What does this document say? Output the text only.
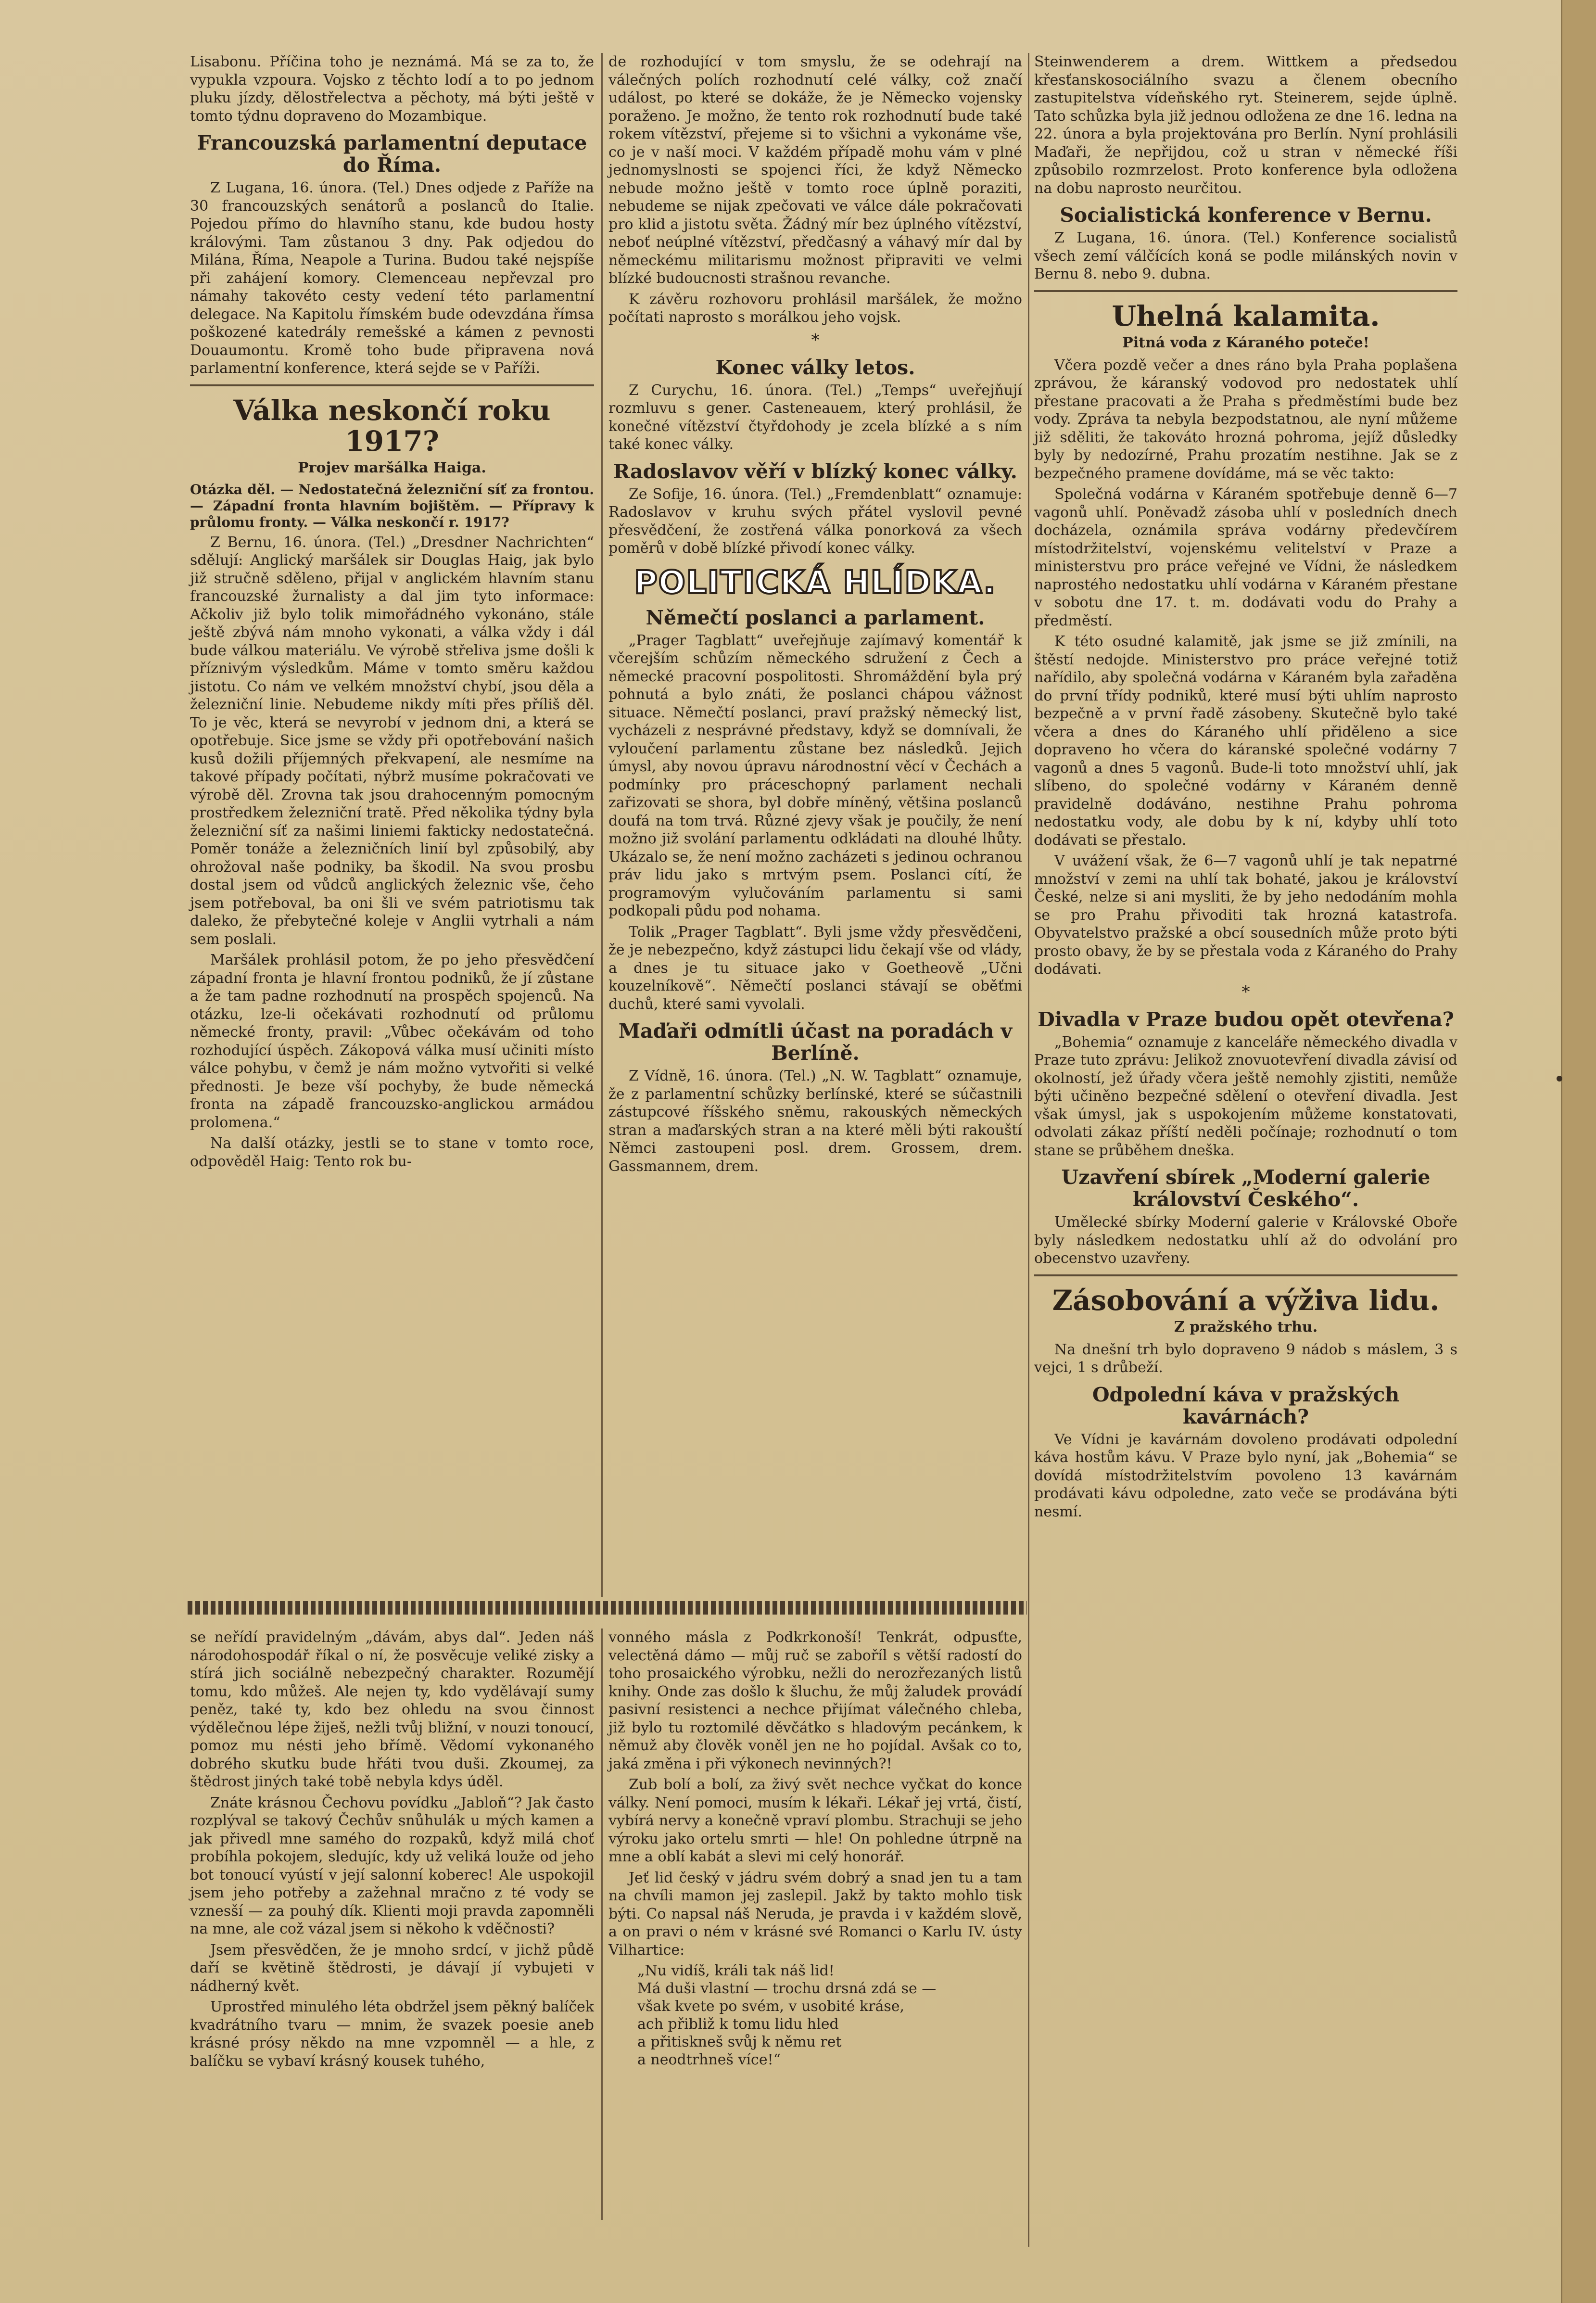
Lisabonu. Příčina toho je neznámá. Má se za to, že vypukla vzpoura. Vojsko z těchto lodí a to po jednom pluku jízdy, dělostřelectva a pěchoty, má býti ještě v tomto týdnu dopraveno do Mozambique.

Francouzská parlamentní deputace do Říma.

Z Lugana, 16. února. (Tel.) Dnes odjede z Paříže na 30 francouzských senátorů a poslanců do Italie. Pojedou přímo do hlavního stanu, kde budou hosty královými. Tam zůstanou 3 dny. Pak odjedou do Milána, Říma, Neapole a Turina. Budou také nejspíše při zahájení komory. Clemenceau nepřevzal pro námahy takovéto cesty vedení této parlamentní delegace. Na Kapitolu římském bude odevzdána římsa poškozené katedrály remešské a kámen z pevnosti Douaumontu. Kromě toho bude připravena nová parlamentní konference, která sejde se v Paříži.

Válka neskončí roku 1917?
Projev maršálka Haiga.

Otázka děl. — Nedostatečná železniční síť za frontou. — Západní fronta hlavním bojištěm. — Přípravy k průlomu fronty. — Válka neskončí r. 1917?

Z Bernu, 16. února. (Tel.) „Dresdner Nachrichten“ sdělují: Anglický maršálek sir Douglas Haig, jak bylo již stručně sděleno, přijal v anglickém hlavním stanu francouzské žurnalisty a dal jim tyto informace: Ačkoliv již bylo tolik mimořádného vykonáno, stále ještě zbývá nám mnoho vykonati, a válka vždy i dál bude válkou materiálu. Ve výrobě střeliva jsme došli k příznivým výsledkům. Máme v tomto směru každou jistotu. Co nám ve velkém množství chybí, jsou děla a železniční linie. Nebudeme nikdy míti přes příliš děl. To je věc, která se nevyrobí v jednom dni, a která se opotřebuje. Sice jsme se vždy při opotřebování našich kusů dožili příjemných překvapení, ale nesmíme na takové případy počítati, nýbrž musíme pokračovati ve výrobě děl. Zrovna tak jsou drahocenným pomocným prostředkem železniční tratě. Před několika týdny byla železniční síť za našimi liniemi fakticky nedostatečná. Poměr tonáže a železničních linií byl způsobilý, aby ohrožoval naše podniky, ba škodil. Na svou prosbu dostal jsem od vůdců anglických železnic vše, čeho jsem potřeboval, ba oni šli ve svém patriotismu tak daleko, že přebytečné koleje v Anglii vytrhali a nám sem poslali.

Maršálek prohlásil potom, že po jeho přesvědčení západní fronta je hlavní frontou podniků, že jí zůstane a že tam padne rozhodnutí na prospěch spojenců. Na otázku, lze-li očekávati rozhodnutí od průlomu německé fronty, pravil: „Vůbec očekávám od toho rozhodující úspěch. Zákopová válka musí učiniti místo válce pohybu, v čemž je nám možno vytvořiti si velké přednosti. Je beze vší pochyby, že bude německá fronta na západě francouzsko-anglickou armádou prolomena.“

Na další otázky, jestli se to stane v tomto roce, odpověděl Haig: Tento rok bu-

de rozhodující v tom smyslu, že se odehrají na válečných polích rozhodnutí celé války, což značí událost, po které se dokáže, že je Německo vojensky poraženo. Je možno, že tento rok rozhodnutí bude také rokem vítězství, přejeme si to všichni a vykonáme vše, co je v naší moci. V každém případě mohu vám v plné jednomyslnosti se spojenci říci, že když Německo nebude možno ještě v tomto roce úplně poraziti, nebudeme se nijak zpečovati ve válce dále pokračovati pro klid a jistotu světa. Žádný mír bez úplného vítězství, neboť neúplné vítězství, předčasný a váhavý mír dal by německému militarismu možnost připraviti ve velmi blízké budoucnosti strašnou revanche.

K závěru rozhovoru prohlásil maršálek, že možno počítati naprosto s morálkou jeho vojsk.

*
Konec války letos.

Z Curychu, 16. února. (Tel.) „Temps“ uveřejňují rozmluvu s gener. Casteneauem, který prohlásil, že konečné vítězství čtyřdohody je zcela blízké a s ním také konec války.

Radoslavov věří v blízký konec války.

Ze Sofije, 16. února. (Tel.) „Fremdenblatt“ oznamuje: Radoslavov v kruhu svých přátel vyslovil pevné přesvědčení, že zostřená válka ponorková za všech poměrů v době blízké přivodí konec války.

POLITICKÁ HLÍDKA.
Němečtí poslanci a parlament.

„Prager Tagblatt“ uveřejňuje zajímavý komentář k včerejším schůzím německého sdružení z Čech a německé pracovní pospolitosti. Shromáždění byla prý pohnutá a bylo znáti, že poslanci chápou vážnost situace. Němečtí poslanci, praví pražský německý list, vycházeli z nesprávné představy, když se domnívali, že vyloučení parlamentu zůstane bez následků. Jejich úmysl, aby novou úpravu národnostní věcí v Čechách a podmínky pro práceschopný parlament nechali zařizovati se shora, byl dobře míněný, většina poslanců doufá na tom trvá. Různé zjevy však je poučily, že není možno již svolání parlamentu odkládati na dlouhé lhůty. Ukázalo se, že není možno zacházeti s jedinou ochranou práv lidu jako s mrtvým psem. Poslanci cítí, že programovým vylučováním parlamentu si sami podkopali půdu pod nohama.

Tolik „Prager Tagblatt“. Byli jsme vždy přesvědčeni, že je nebezpečno, když zástupci lidu čekají vše od vlády, a dnes je tu situace jako v Goetheově „Učni kouzelníkově“. Němečtí poslanci stávají se oběťmi duchů, které sami vyvolali.

Maďaři odmítli účast na poradách v Berlíně.

Z Vídně, 16. února. (Tel.) „N. W. Tagblatt“ oznamuje, že z parlamentní schůzky berlínské, které se súčastnili zástupcové říšského sněmu, rakouských německých stran a maďarských stran a na které měli býti rakouští Němci zastoupeni posl. drem. Grossem, drem. Gassmannem, drem.

Steinwenderem a drem. Wittkem a předsedou křesťanskosociálního svazu a členem obecního zastupitelstva vídeňského ryt. Steinerem, sejde úplně. Tato schůzka byla již jednou odložena ze dne 16. ledna na 22. února a byla projektována pro Berlín. Nyní prohlásili Maďaři, že nepřijdou, což u stran v německé říši způsobilo rozmrzelost. Proto konference byla odložena na dobu naprosto neurčitou.

Socialistická konference v Bernu.

Z Lugana, 16. února. (Tel.) Konference socialistů všech zemí válčících koná se podle milánských novin v Bernu 8. nebo 9. dubna.

Uhelná kalamita.
Pitná voda z Káraného poteče!

Včera pozdě večer a dnes ráno byla Praha poplašena zprávou, že káranský vodovod pro nedostatek uhlí přestane pracovati a že Praha s předměstími bude bez vody. Zpráva ta nebyla bezpodstatnou, ale nyní můžeme již sděliti, že takováto hrozná pohroma, jejíž důsledky byly by nedozírné, Prahu prozatím nestihne. Jak se z bezpečného pramene dovídáme, má se věc takto:

Společná vodárna v Káraném spotřebuje denně 6—7 vagonů uhlí. Poněvadž zásoba uhlí v posledních dnech docházela, oznámila správa vodárny předevčírem místodržitelství, vojenskému velitelství v Praze a ministerstvu pro práce veřejné ve Vídni, že následkem naprostého nedostatku uhlí vodárna v Káraném přestane v sobotu dne 17. t. m. dodávati vodu do Prahy a předměstí.

K této osudné kalamitě, jak jsme se již zmínili, na štěstí nedojde. Ministerstvo pro práce veřejné totiž nařídilo, aby společná vodárna v Káraném byla zařaděna do první třídy podniků, které musí býti uhlím naprosto bezpečně a v první řadě zásobeny. Skutečně bylo také včera a dnes do Káraného uhlí přiděleno a sice dopraveno ho včera do káranské společné vodárny 7 vagonů a dnes 5 vagonů. Bude-li toto množství uhlí, jak slíbeno, do společné vodárny v Káraném denně pravidelně dodáváno, nestihne Prahu pohroma nedostatku vody, ale dobu by k ní, kdyby uhlí toto dodávati se přestalo.

V uvážení však, že 6—7 vagonů uhlí je tak nepatrné množství v zemi na uhlí tak bohaté, jakou je království České, nelze si ani mysliti, že by jeho nedodáním mohla se pro Prahu přivoditi tak hrozná katastrofa. Obyvatelstvo pražské a obcí sousedních může proto býti prosto obavy, že by se přestala voda z Káraného do Prahy dodávati.

*
Divadla v Praze budou opět otevřena?

„Bohemia“ oznamuje z kanceláře německého divadla v Praze tuto zprávu: Jelikož znovuotevření divadla závisí od okolností, jež úřady včera ještě nemohly zjistiti, nemůže býti učiněno bezpečné sdělení o otevření divadla. Jest však úmysl, jak s uspokojením můžeme konstatovati, odvolati zákaz příští neděli počínaje; rozhodnutí o tom stane se průběhem dneška.

Uzavření sbírek „Moderní galerie království Českého“.

Umělecké sbírky Moderní galerie v Královské Oboře byly následkem nedostatku uhlí až do odvolání pro obecenstvo uzavřeny.

Zásobování a výživa lidu.
Z pražského trhu.

Na dnešní trh bylo dopraveno 9 nádob s máslem, 3 s vejci, 1 s drůbeží.

Odpolední káva v pražských kavárnách?

Ve Vídni je kavárnám dovoleno prodávati odpolední káva hostům kávu. V Praze bylo nyní, jak „Bohemia“ se dovídá místodržitelstvím povoleno 13 kavárnám prodávati kávu odpoledne, zato veče se prodávána býti nesmí.

se neřídí pravidelným „dávám, abys dal“. Jeden náš národohospodář říkal o ní, že posvěcuje veliké zisky a stírá jich sociálně nebezpečný charakter. Rozumějí tomu, kdo můžeš. Ale nejen ty, kdo vydělávají sumy peněz, také ty, kdo bez ohledu na svou činnost výdělečnou lépe žiješ, nežli tvůj bližní, v nouzi tonoucí, pomoz mu nésti jeho břímě. Vědomí vykonaného dobrého skutku bude hřáti tvou duši. Zkoumej, za štědrost jiných také tobě nebyla kdys úděl.

Znáte krásnou Čechovu povídku „Jabloň“? Jak často rozplýval se takový Čechův snůhulák u mých kamen a jak přivedl mne samého do rozpaků, když milá choť probíhla pokojem, sledujíc, kdy už veliká louže od jeho bot tonoucí vyústí v její salonní koberec! Ale uspokojil jsem jeho potřeby a zažehnal mračno z té vody se vznesší — za pouhý dík. Klienti moji pravda zapomněli na mne, ale což vázal jsem si někoho k vděčnosti?

Jsem přesvědčen, že je mnoho srdcí, v jichž půdě daří se květině štědrosti, je dávají jí vybujeti v nádherný květ.

Uprostřed minulého léta obdržel jsem pěkný balíček kvadrátního tvaru — mnim, že svazek poesie aneb krásné prósy někdo na mne vzpomněl — a hle, z balíčku se vybaví krásný kousek tuhého,

vonného másla z Podkrkonoší! Tenkrát, odpusťte, velectěná dámo — můj ruč se zaboříl s větší radostí do toho prosaického výrobku, nežli do nerozřezaných listů knihy. Onde zas došlo k šluchu, že můj žaludek provádí pasivní resistenci a nechce přijímat válečného chleba, již bylo tu roztomilé děvčátko s hladovým pecánkem, k němuž aby člověk voněl jen ne ho pojídal. Avšak co to, jaká změna i při výkonech nevinných?!

Zub bolí a bolí, za živý svět nechce vyčkat do konce války. Není pomoci, musím k lékaři. Lékař jej vrtá, čistí, vybírá nervy a konečně vpraví plombu. Strachuji se jeho výroku jako ortelu smrti — hle! On pohledne útrpně na mne a oblí kabát a slevi mi celý honorář.

Jeť lid český v jádru svém dobrý a snad jen tu a tam na chvíli mamon jej zaslepil. Jakž by takto mohlo tisk býti. Co napsal náš Neruda, je pravda i v každém slově, a on pravi o ném v krásné své Romanci o Karlu IV. ústy Vilhartice:

„Nu vidíš, králi tak náš lid!
Má duši vlastní — trochu drsná zdá se —
však kvete po svém, v usobité kráse,
ach přibliž k tomu lidu hled
a přitiskneš svůj k němu ret
a neodtrhneš více!“
